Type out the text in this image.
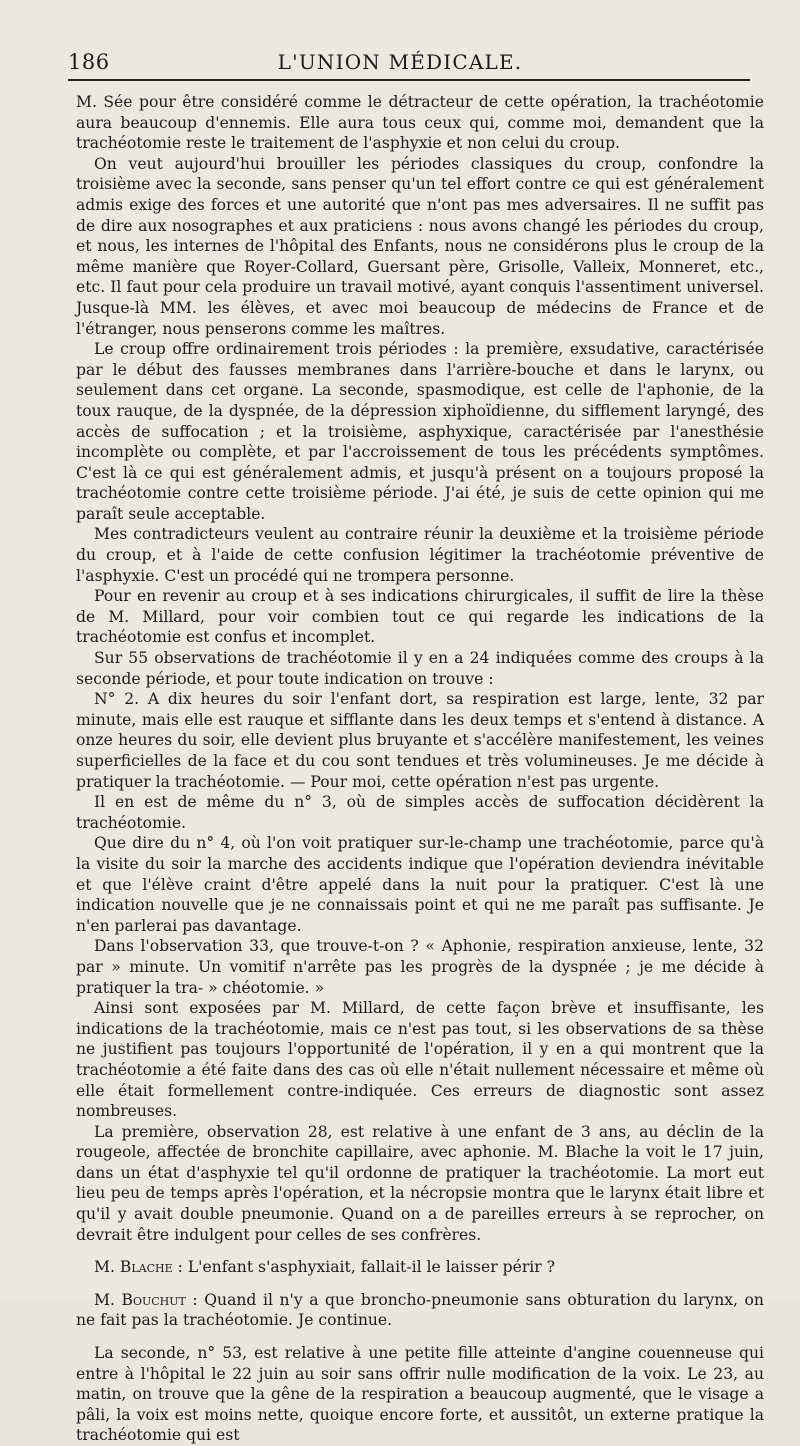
186	L'UNION MÉDICALE.

M. Sée pour être considéré comme le détracteur de cette opération, la trachéotomie aura beaucoup d'ennemis. Elle aura tous ceux qui, comme moi, demandent que la trachéotomie reste le traitement de l'asphyxie et non celui du croup.

On veut aujourd'hui brouiller les périodes classiques du croup, confondre la troisième avec la seconde, sans penser qu'un tel effort contre ce qui est généralement admis exige des forces et une autorité que n'ont pas mes adversaires. Il ne suffit pas de dire aux nosographes et aux praticiens : nous avons changé les périodes du croup, et nous, les internes de l'hôpital des Enfants, nous ne considérons plus le croup de la même manière que Royer-Collard, Guersant père, Grisolle, Valleix, Monneret, etc., etc. Il faut pour cela produire un travail motivé, ayant conquis l'assentiment universel. Jusque-là MM. les élèves, et avec moi beaucoup de médecins de France et de l'étranger, nous penserons comme les maîtres.

Le croup offre ordinairement trois périodes : la première, exsudative, caractérisée par le début des fausses membranes dans l'arrière-bouche et dans le larynx, ou seulement dans cet organe. La seconde, spasmodique, est celle de l'aphonie, de la toux rauque, de la dyspnée, de la dépression xiphoïdienne, du sifflement laryngé, des accès de suffocation ; et la troisième, asphyxique, caractérisée par l'anesthésie incomplète ou complète, et par l'accroissement de tous les précédents symptômes. C'est là ce qui est généralement admis, et jusqu'à présent on a toujours proposé la trachéotomie contre cette troisième période. J'ai été, je suis de cette opinion qui me paraît seule acceptable.

Mes contradicteurs veulent au contraire réunir la deuxième et la troisième période du croup, et à l'aide de cette confusion légitimer la trachéotomie préventive de l'asphyxie. C'est un procédé qui ne trompera personne.

Pour en revenir au croup et à ses indications chirurgicales, il suffit de lire la thèse de M. Millard, pour voir combien tout ce qui regarde les indications de la trachéotomie est confus et incomplet.

Sur 55 observations de trachéotomie il y en a 24 indiquées comme des croups à la seconde période, et pour toute indication on trouve :

N° 2. A dix heures du soir l'enfant dort, sa respiration est large, lente, 32 par minute, mais elle est rauque et sifflante dans les deux temps et s'entend à distance. A onze heures du soir, elle devient plus bruyante et s'accélère manifestement, les veines superficielles de la face et du cou sont tendues et très volumineuses. Je me décide à pratiquer la trachéotomie. — Pour moi, cette opération n'est pas urgente.

Il en est de même du n° 3, où de simples accès de suffocation décidèrent la trachéotomie.

Que dire du n° 4, où l'on voit pratiquer sur-le-champ une trachéotomie, parce qu'à la visite du soir la marche des accidents indique que l'opération deviendra inévitable et que l'élève craint d'être appelé dans la nuit pour la pratiquer. C'est là une indication nouvelle que je ne connaissais point et qui ne me paraît pas suffisante. Je n'en parlerai pas davantage.

Dans l'observation 33, que trouve-t-on ? « Aphonie, respiration anxieuse, lente, 32 par » minute. Un vomitif n'arrête pas les progrès de la dyspnée ; je me décide à pratiquer la tra- » chéotomie. »

Ainsi sont exposées par M. Millard, de cette façon brève et insuffisante, les indications de la trachéotomie, mais ce n'est pas tout, si les observations de sa thèse ne justifient pas toujours l'opportunité de l'opération, il y en a qui montrent que la trachéotomie a été faite dans des cas où elle n'était nullement nécessaire et même où elle était formellement contre-indiquée. Ces erreurs de diagnostic sont assez nombreuses.

La première, observation 28, est relative à une enfant de 3 ans, au déclin de la rougeole, affectée de bronchite capillaire, avec aphonie. M. Blache la voit le 17 juin, dans un état d'asphyxie tel qu'il ordonne de pratiquer la trachéotomie. La mort eut lieu peu de temps après l'opération, et la nécropsie montra que le larynx était libre et qu'il y avait double pneumonie. Quand on a de pareilles erreurs à se reprocher, on devrait être indulgent pour celles de ses confrères.

M. Blache : L'enfant s'asphyxiait, fallait-il le laisser périr ?

M. Bouchut : Quand il n'y a que broncho-pneumonie sans obturation du larynx, on ne fait pas la trachéotomie. Je continue.

La seconde, n° 53, est relative à une petite fille atteinte d'angine couenneuse qui entre à l'hôpital le 22 juin au soir sans offrir nulle modification de la voix. Le 23, au matin, on trouve que la gêne de la respiration a beaucoup augmenté, que le visage a pâli, la voix est moins nette, quoique encore forte, et aussitôt, un externe pratique la trachéotomie qui est
